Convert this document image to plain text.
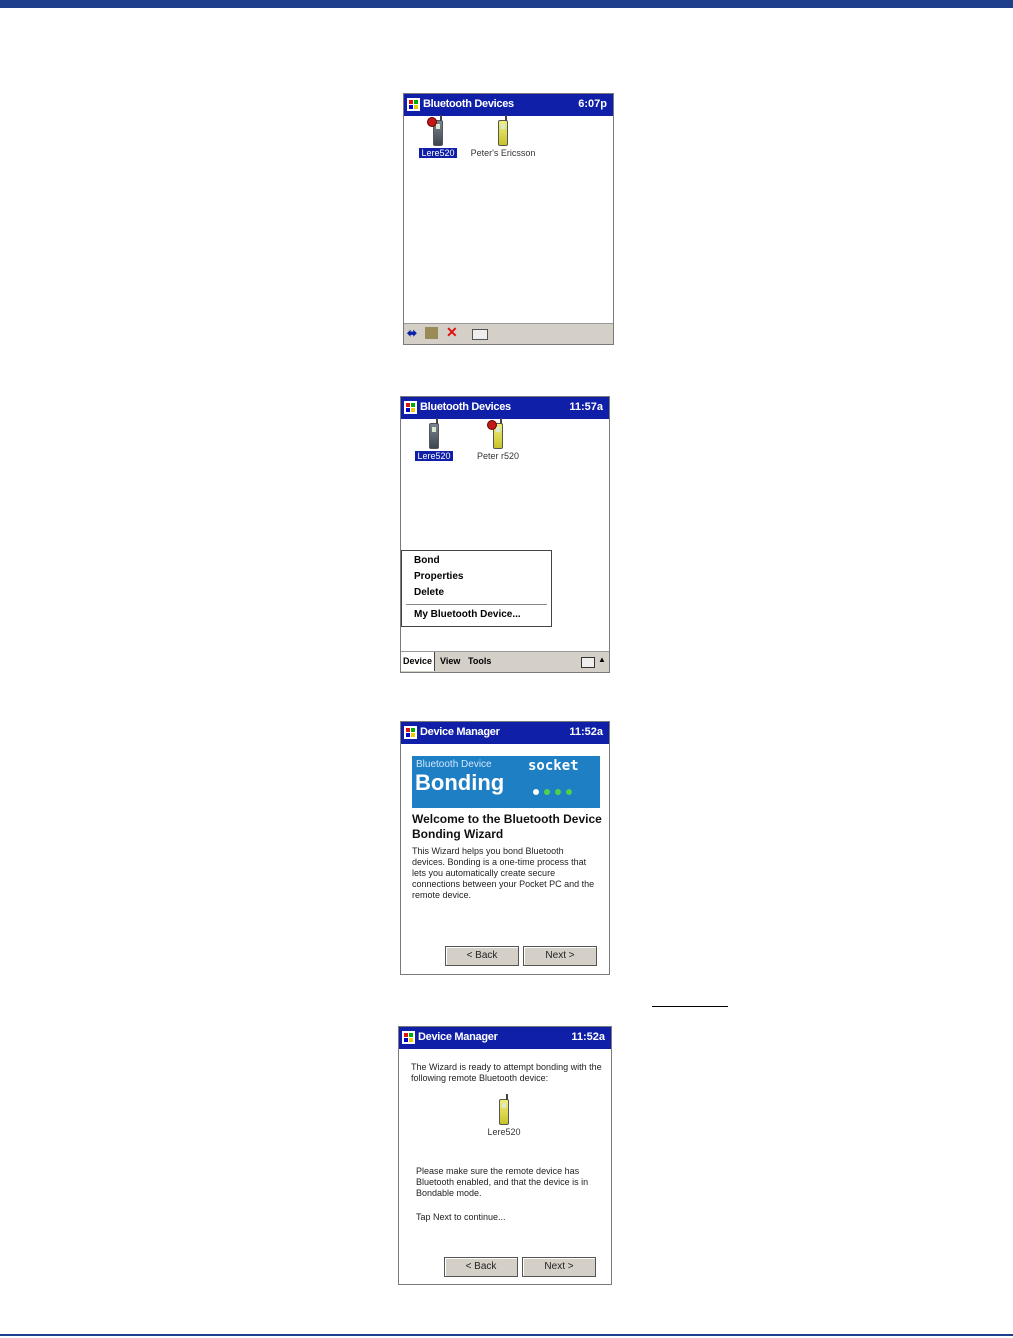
Bluetooth Devices	6:07p
Lere520	Peter's Ericsson
⬌ ✕
Bluetooth Devices	11:57a
Lere520	Peter r520
Bond
Properties
Delete
My Bluetooth Device...
Device View Tools	▲
Device Manager	11:52a
Bluetooth Device
Bonding
socket
Welcome to the Bluetooth Device Bonding Wizard
This Wizard helps you bond Bluetooth devices. Bonding is a one-time process that lets you automatically create secure connections between your Pocket PC and the remote device.
< Back	Next >
Device Manager	11:52a
The Wizard is ready to attempt bonding with the following remote Bluetooth device:
Lere520
Please make sure the remote device has Bluetooth enabled, and that the device is in Bondable mode.
Tap Next to continue...
< Back	Next >
